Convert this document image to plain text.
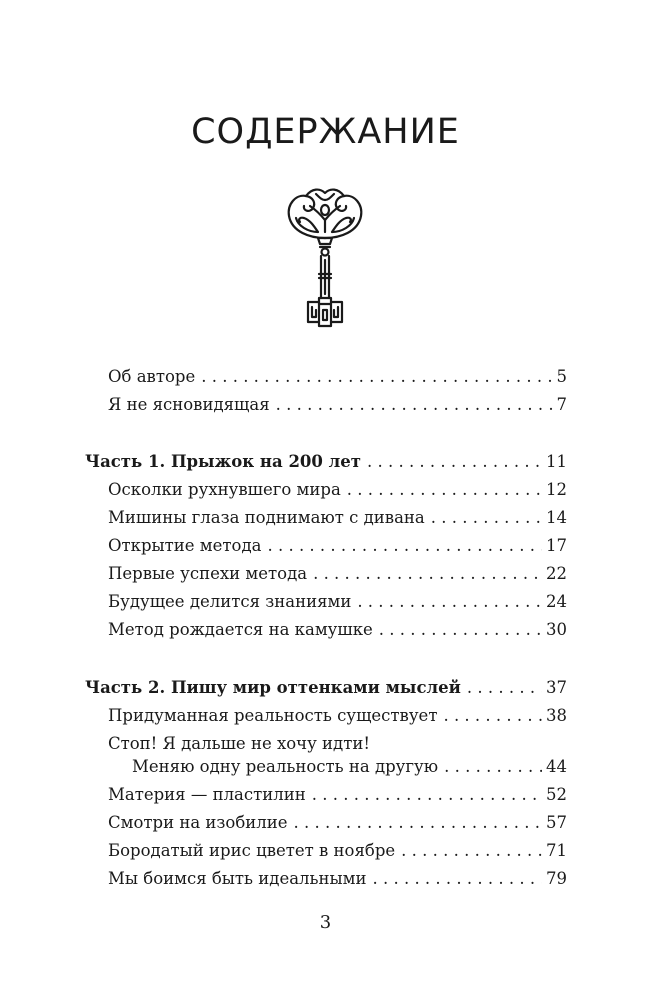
СОДЕРЖАНИЕ
Об авторе . . .	5
Я не ясновидящая . . .	7
Часть 1. Прыжок на 200 лет . . .	11
Осколки рухнувшего мира . . .	12
Мишины глаза поднимают с дивана . . .	14
Открытие метода . . .	17
Первые успехи метода . . .	22
Будущее делится знаниями . . .	24
Метод рождается на камушке . . .	30
Часть 2. Пишу мир оттенками мыслей . . .	37
Придуманная реальность существует . . .	38
Стоп! Я дальше не хочу идти!
Меняю одну реальность на другую . . .	44
Материя — пластилин . . .	52
Смотри на изобилие . . .	57
Бородатый ирис цветет в ноябре . . .	71
Мы боимся быть идеальными . . .	79
3
